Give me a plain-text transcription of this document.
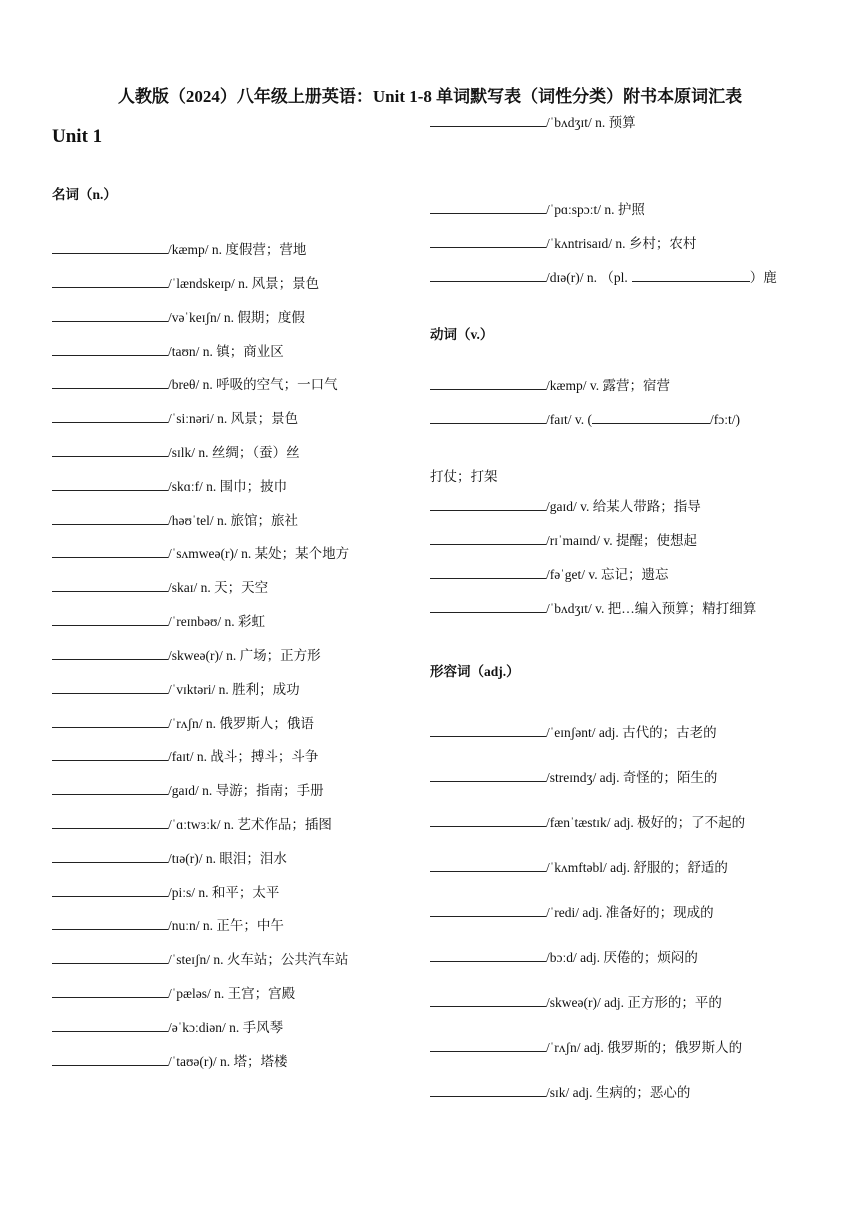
人教版（2024）八年级上册英语：Unit 1-8 单词默写表（词性分类）附书本原词汇表
Unit 1
名词（n.）
/kæmp/ n. 度假营；营地
/ˈlændskeɪp/ n. 风景；景色
/vəˈkeɪʃn/ n. 假期；度假
/taʊn/ n. 镇；商业区
/breθ/ n. 呼吸的空气；一口气
/ˈsiːnəri/ n. 风景；景色
/sɪlk/ n. 丝绸；（蚕）丝
/skɑːf/ n. 围巾；披巾
/həʊˈtel/ n. 旅馆；旅社
/ˈsʌmweə(r)/ n. 某处；某个地方
/skaɪ/ n. 天；天空
/ˈreɪnbəʊ/ n. 彩虹
/skweə(r)/ n. 广场；正方形
/ˈvɪktəri/ n. 胜利；成功
/ˈrʌʃn/ n. 俄罗斯人；俄语
/faɪt/ n. 战斗；搏斗；斗争
/gaɪd/ n. 导游；指南；手册
/ˈɑːtwɜːk/ n. 艺术作品；插图
/tɪə(r)/ n. 眼泪；泪水
/piːs/ n. 和平；太平
/nuːn/ n. 正午；中午
/ˈsteɪʃn/ n. 火车站；公共汽车站
/ˈpæləs/ n. 王宫；宫殿
/əˈkɔːdiən/ n. 手风琴
/ˈtaʊə(r)/ n. 塔；塔楼
/ˈbʌdʒɪt/ n. 预算
/ˈpɑːspɔːt/ n. 护照
/ˈkʌntrisaɪd/ n. 乡村；农村
/dɪə(r)/ n. （pl.	）鹿
动词（v.）
/kæmp/ v. 露营；宿营
/faɪt/ v. (	/fɔːt/)
打仗；打架
/gaɪd/ v. 给某人带路；指导
/rɪˈmaɪnd/ v. 提醒；使想起
/fəˈget/ v. 忘记；遗忘
/ˈbʌdʒɪt/ v. 把…编入预算；精打细算
形容词（adj.）
/ˈeɪnʃənt/ adj. 古代的；古老的
/streɪndʒ/ adj. 奇怪的；陌生的
/fænˈtæstɪk/ adj. 极好的；了不起的
/ˈkʌmftəbl/ adj. 舒服的；舒适的
/ˈredi/ adj. 准备好的；现成的
/bɔːd/ adj. 厌倦的；烦闷的
/skweə(r)/ adj. 正方形的；平的
/ˈrʌʃn/ adj. 俄罗斯的；俄罗斯人的
/sɪk/ adj. 生病的；恶心的
